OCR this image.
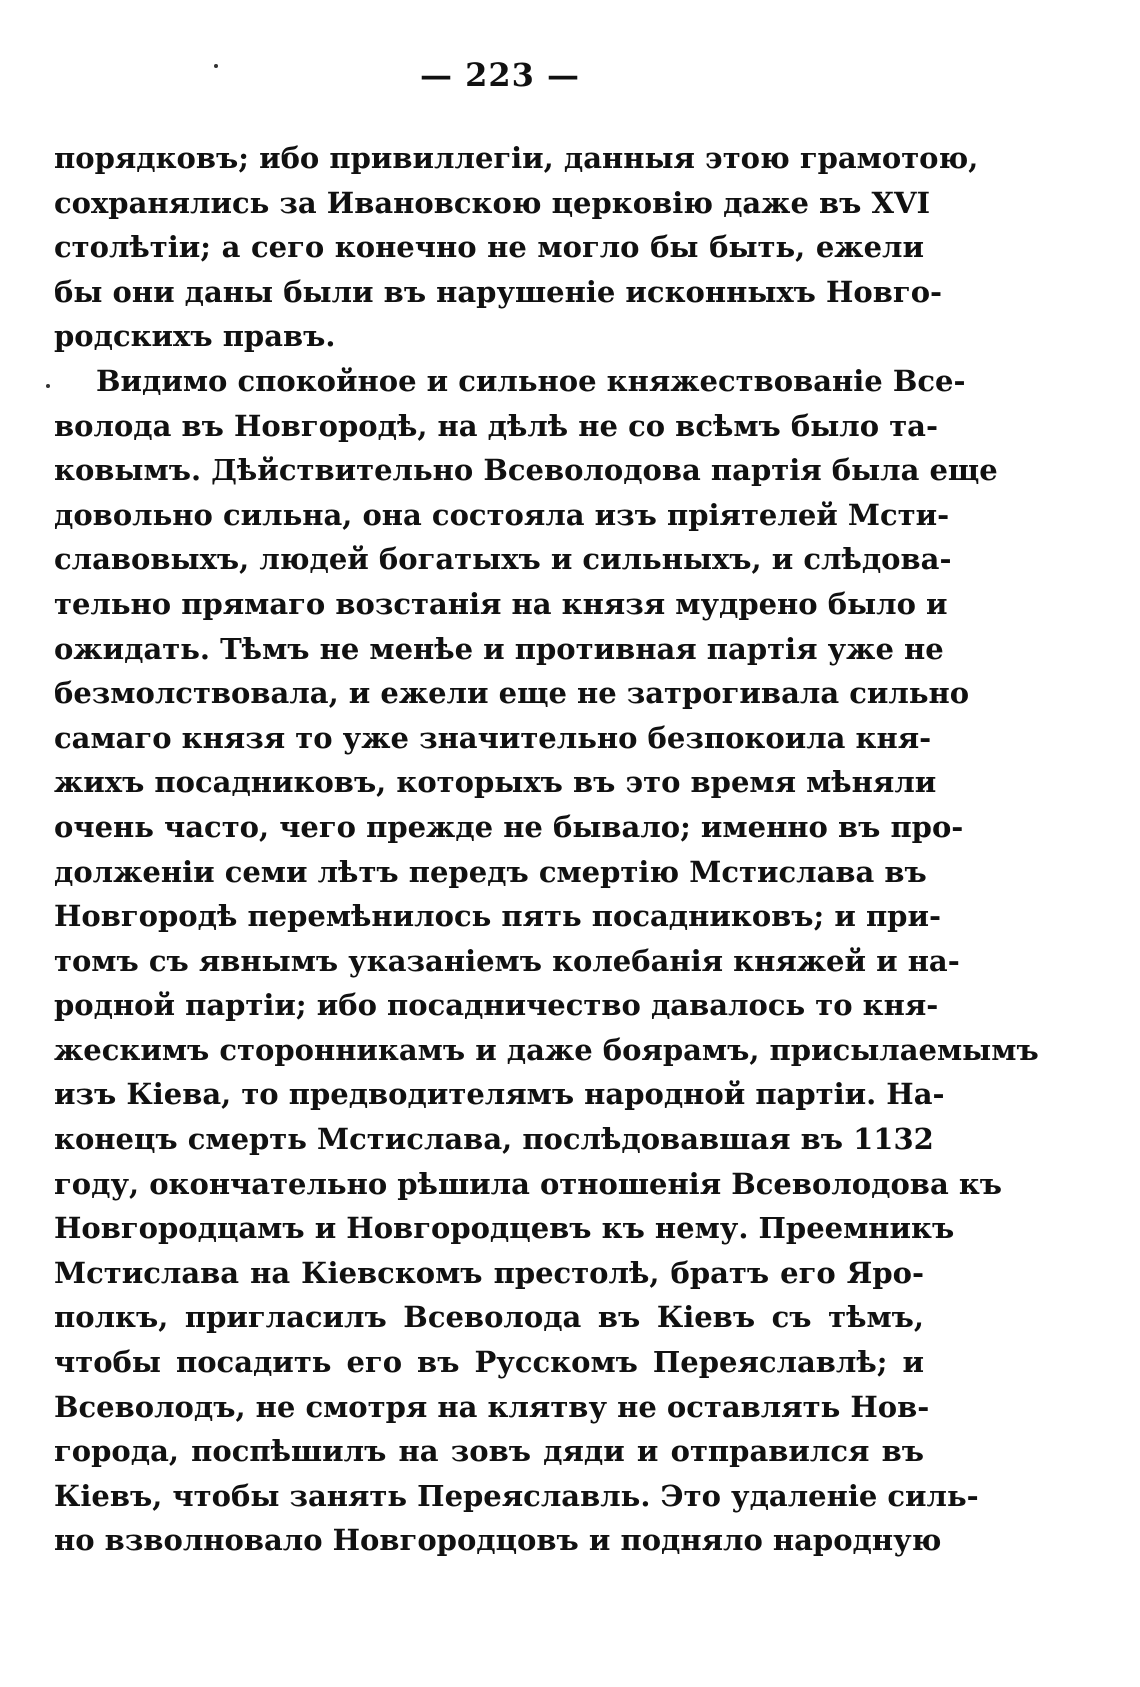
— 223 —
порядковъ; ибо привиллегіи, данныя этою грамотою,
сохранялись за Ивановскою церковію даже въ XVI
столѣтіи; а сего конечно не могло бы быть, ежели
бы они даны были въ нарушеніе исконныхъ Новго-
родскихъ правъ.
Видимо спокойное и сильное княжествованіе Все-
волода въ Новгородѣ, на дѣлѣ не со всѣмъ было та-
ковымъ. Дѣйствительно Всеволодова партія была еще
довольно сильна, она состояла изъ пріятелей Мсти-
славовыхъ, людей богатыхъ и сильныхъ, и слѣдова-
тельно прямаго возстанія на князя мудрено было и
ожидать. Тѣмъ не менѣе и противная партія уже не
безмолствовала, и ежели еще не затрогивала сильно
самаго князя то уже значительно безпокоила кня-
жихъ посадниковъ, которыхъ въ это время мѣняли
очень часто, чего прежде не бывало; именно въ про-
долженіи семи лѣтъ передъ смертію Мстислава въ
Новгородѣ перемѣнилось пять посадниковъ; и при-
томъ съ явнымъ указаніемъ колебанія княжей и на-
родной партіи; ибо посадничество давалось то кня-
жескимъ сторонникамъ и даже боярамъ, присылаемымъ
изъ Кіева, то предводителямъ народной партіи. На-
конецъ смерть Мстислава, послѣдовавшая въ 1132
году, окончательно рѣшила отношенія Всеволодова къ
Новгородцамъ и Новгородцевъ къ нему. Преемникъ
Мстислава на Кіевскомъ престолѣ, братъ его Яро-
полкъ, пригласилъ Всеволода въ Кіевъ съ тѣмъ,
чтобы посадить его въ Русскомъ Переяславлѣ; и
Всеволодъ, не смотря на клятву не оставлять Нов-
города, поспѣшилъ на зовъ дяди и отправился въ
Кіевъ, чтобы занять Переяславль. Это удаленіе силь-
но взволновало Новгородцовъ и подняло народную
